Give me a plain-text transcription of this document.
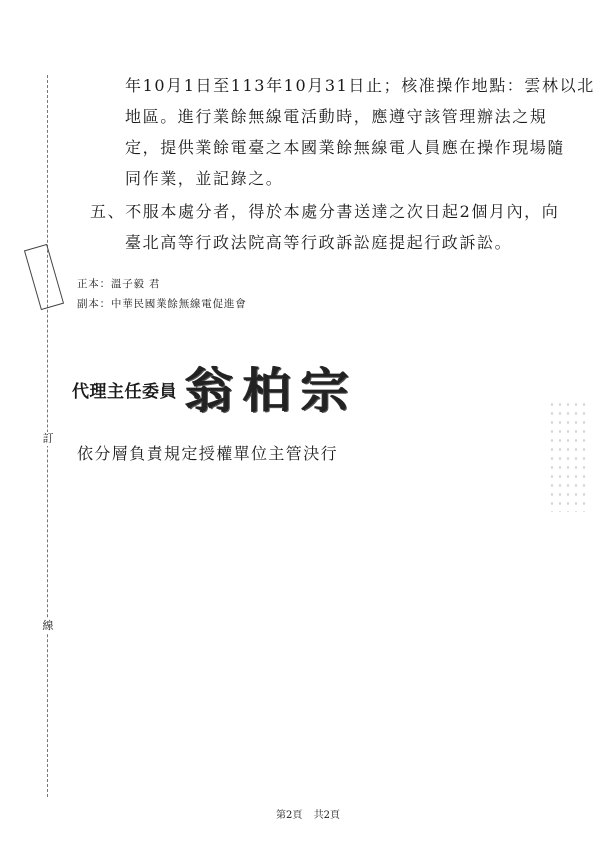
訂
線
年10月1日至113年10月31日止；核准操作地點：雲林以北
地區。進行業餘無線電活動時，應遵守該管理辦法之規
定，提供業餘電臺之本國業餘無線電人員應在操作現場隨
同作業，並記錄之。
五、不服本處分者，得於本處分書送達之次日起2個月內，向
臺北高等行政法院高等行政訴訟庭提起行政訴訟。
正本：溫子毅 君
副本：中華民國業餘無線電促進會
代理主任委員 翁柏宗
依分層負責規定授權單位主管決行
第2頁 共2頁
